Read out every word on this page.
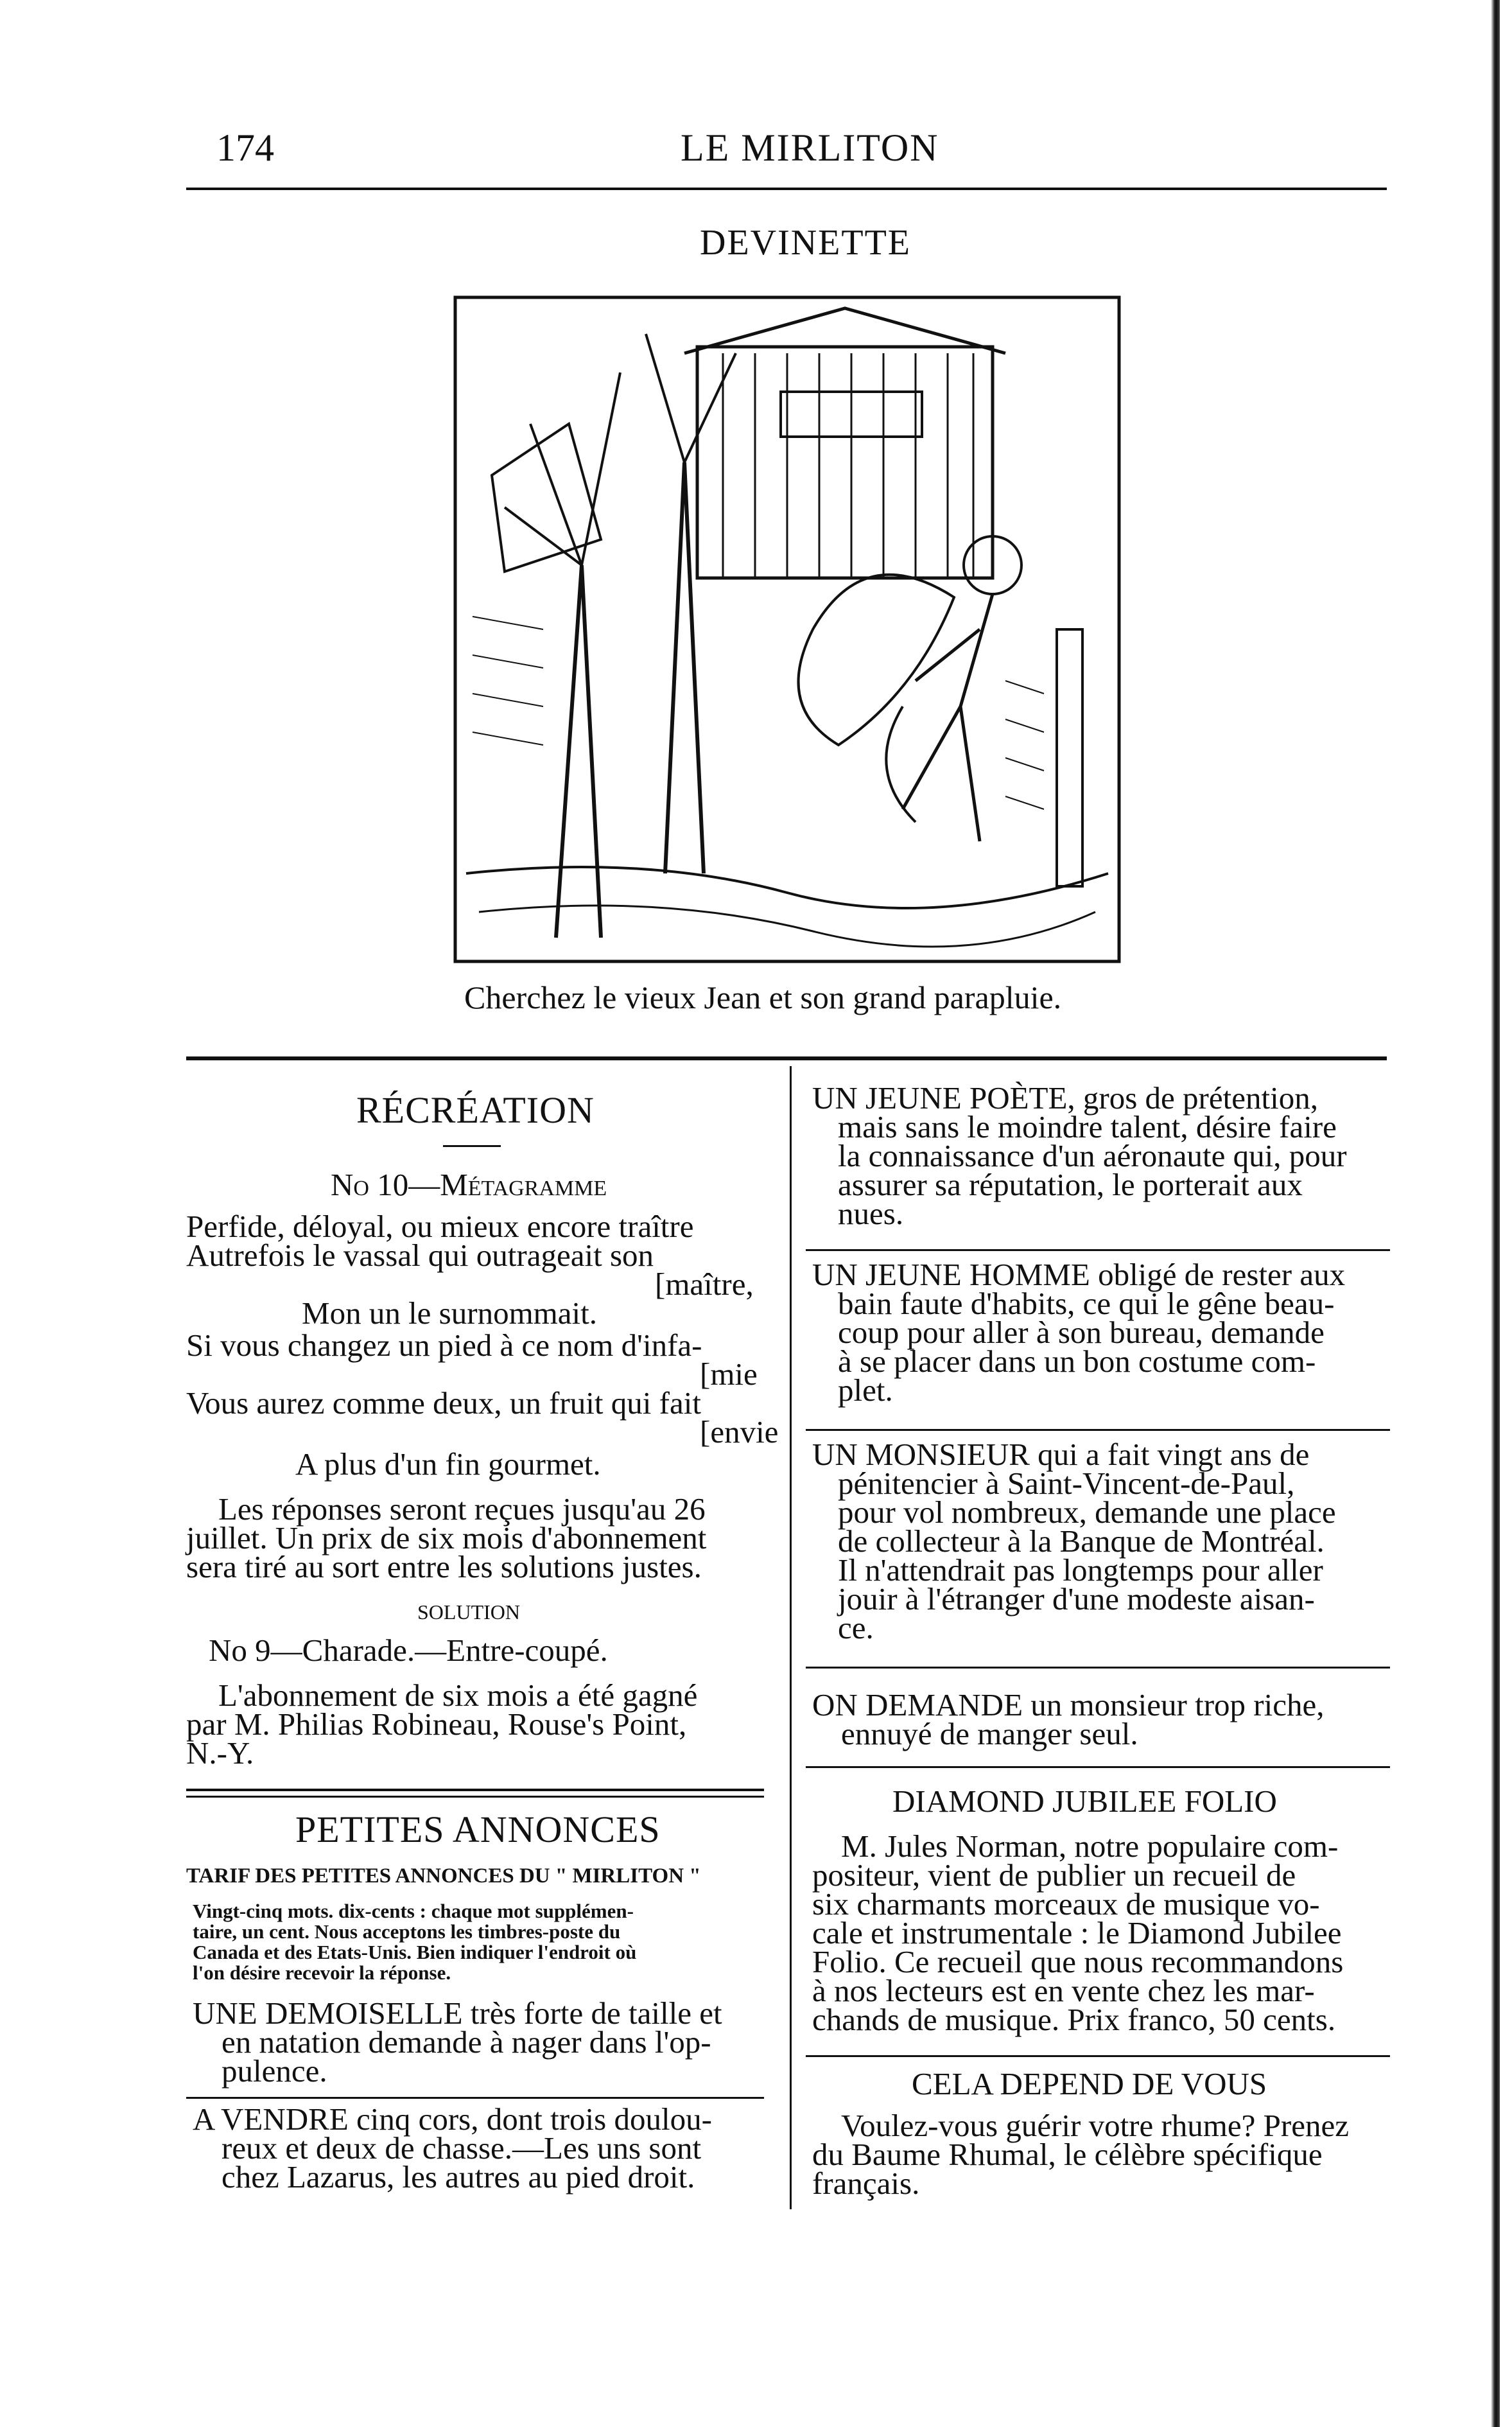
174	LE MIRLITON
DEVINETTE
Cherchez le vieux Jean et son grand parapluie.
RÉCRÉATION
No 10—Métagramme
Perfide, déloyal, ou mieux encore traître
Autrefois le vassal qui outrageait son
[maître,
Mon un le surnommait.
Si vous changez un pied à ce nom d'infa-
[mie
Vous aurez comme deux, un fruit qui fait
[envie
A plus d'un fin gourmet.
Les réponses seront reçues jusqu'au 26
juillet. Un prix de six mois d'abonnement
sera tiré au sort entre les solutions justes.
SOLUTION
No 9—Charade.—Entre-coupé.
L'abonnement de six mois a été gagné
par M. Philias Robineau, Rouse's Point,
N.-Y.
PETITES ANNONCES
TARIF DES PETITES ANNONCES DU " MIRLITON "
Vingt-cinq mots. dix-cents : chaque mot supplémen-
taire, un cent. Nous acceptons les timbres-poste du
Canada et des Etats-Unis. Bien indiquer l'endroit où
l'on désire recevoir la réponse.
UNE DEMOISELLE très forte de taille et
en natation demande à nager dans l'op-
pulence.
A VENDRE cinq cors, dont trois doulou-
reux et deux de chasse.—Les uns sont
chez Lazarus, les autres au pied droit.
UN JEUNE POÈTE, gros de prétention,
mais sans le moindre talent, désire faire
la connaissance d'un aéronaute qui, pour
assurer sa réputation, le porterait aux
nues.
UN JEUNE HOMME obligé de rester aux
bain faute d'habits, ce qui le gêne beau-
coup pour aller à son bureau, demande
à se placer dans un bon costume com-
plet.
UN MONSIEUR qui a fait vingt ans de
pénitencier à Saint-Vincent-de-Paul,
pour vol nombreux, demande une place
de collecteur à la Banque de Montréal.
Il n'attendrait pas longtemps pour aller
jouir à l'étranger d'une modeste aisan-
ce.
ON DEMANDE un monsieur trop riche,
ennuyé de manger seul.
DIAMOND JUBILEE FOLIO
M. Jules Norman, notre populaire com-
positeur, vient de publier un recueil de
six charmants morceaux de musique vo-
cale et instrumentale : le Diamond Jubilee
Folio. Ce recueil que nous recommandons
à nos lecteurs est en vente chez les mar-
chands de musique. Prix franco, 50 cents.
CELA DEPEND DE VOUS
Voulez-vous guérir votre rhume? Prenez
du Baume Rhumal, le célèbre spécifique
français.
